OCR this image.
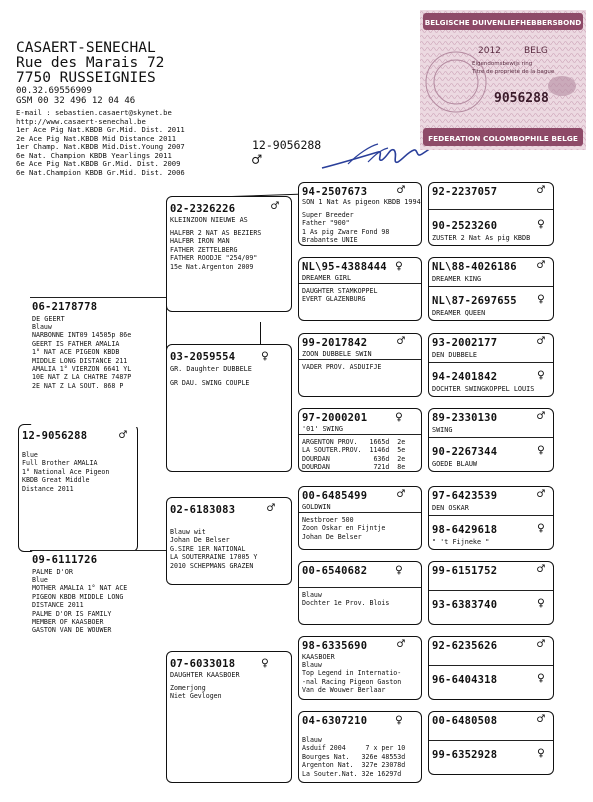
CASAERT-SENECHAL
Rue des Marais 72
7750 RUSSEIGNIES
00.32.69556909
GSM 00 32 496 12 04 46
E-mail : sebastien.casaert@skynet.be
http://www.casaert-senechal.be
1er Ace Pig Nat.KBDB Gr.Mid. Dist. 2011
2e Ace Pig Nat.KBDB Mid Distance 2011
1er Champ. Nat.KBDB Mid.Dist.Young 2007
6e Nat. Champion KBDB Yearlings 2011
6e Ace Pig Nat.KBDB Gr.Mid. Dist. 2009
6e Nat.Champion KBDB Gr.Mid. Dist. 2006
12-9056288
♂
BELGISCHE DUIVENLIEFHEBBERSBOND
2012	BELG
Eigendomsbewijs ring
Titre de propriété de la bague
9056288
FEDERATION COLOMBOPHILE BELGE
12-9056288 ♂
Blue
Full Brother AMALIA
1° National Ace Pigeon
KBDB Great Middle
Distance 2011
06-2178778
DE GEERT
Blauw
NARBONNE INT09 14505p 86e
GEERT IS FATHER AMALIA
1° NAT ACE PIGEON KBDB
MIDDLE LONG DISTANCE 211
AMALIA 1° VIERZON 6641 YL
10E NAT Z LA CHATRE 7487P
2E NAT Z LA SOUT. 868 P
09-6111726
PALME D'OR
Blue
MOTHER AMALIA 1° NAT ACE
PIGEON KBDB MIDDLE LONG
DISTANCE 2011
PALME D'OR IS FAMILY
MEMBER OF KAASBOER
GASTON VAN DE WOUWER
02-2326226	♂
KLEINZOON NIEUWE AS
HALFBR 2 NAT AS BEZIERS
HALFBR IRON MAN
FATHER ZETTELBERG
FATHER ROODJE "254/09"
15e Nat.Argenton 2009
03-2059554 ♀
GR. Daughter DUBBELE
GR DAU. SWING COUPLE
02-6183083 ♂
Blauw wit
Johan De Belser
G.SIRE 1ER NATIONAL
LA SOUTERRAINE 17005 Y
2010 SCHEPMANS GRAZEN
07-6033018 ♀
DAUGHTER KAASBOER
Zomerjong
Niet Gevlogen
94-2507673 ♂
SON 1 Nat As pigeon KBDB 1994
Super Breeder
Father "900"
1 As pig Zware Fond 98
Brabantse UNIE
NL\95-4388444 ♀
DREAMER GIRL
DAUGHTER STAMKOPPEL
EVERT GLAZENBURG
99-2017842 ♂
ZOON DUBBELE SWIN
VADER PROV. ASDUIFJE
97-2000201 ♀
'01' SWING
ARGENTON PROV.   1665d  2e
LA SOUTER.PROV.  1146d  5e
DOURDAN           636d  2e
DOURDAN           721d  8e
00-6485499 ♂
GOLDWIN
Nestbroer 500
Zoon Oskar en Fijntje
Johan De Belser
00-6540682 ♀
Blauw
Dochter 1e Prov. Blois
98-6335690 ♂
KAASBOER
Blauw
Top Legend in Internatio-
-nal Racing Pigeon Gaston
Van de Wouwer Berlaar
04-6307210 ♀
Blauw
Asduif 2004     7 x per 10
Bourges Nat.   326e 48553d
Argenton Nat.  327e 23078d
La Souter.Nat. 32e 16297d
92-2237057	♂
90-2523260	♀
ZUSTER 2 Nat As pig KBDB
NL\88-4026186 ♂
DREAMER KING
NL\87-2697655 ♀
DREAMER QUEEN
93-2002177	♂
DEN DUBBELE
94-2401842	♀
DOCHTER SWINGKOPPEL LOUIS
89-2330130	♂
SWING
90-2267344	♀
GOEDE BLAUW
97-6423539	♂
DEN OSKAR
98-6429618	♀
" 't Fijneke "
99-6151752	♂
93-6383740	♀
92-6235626	♂
96-6404318	♀
00-6480508	♂
99-6352928	♀
